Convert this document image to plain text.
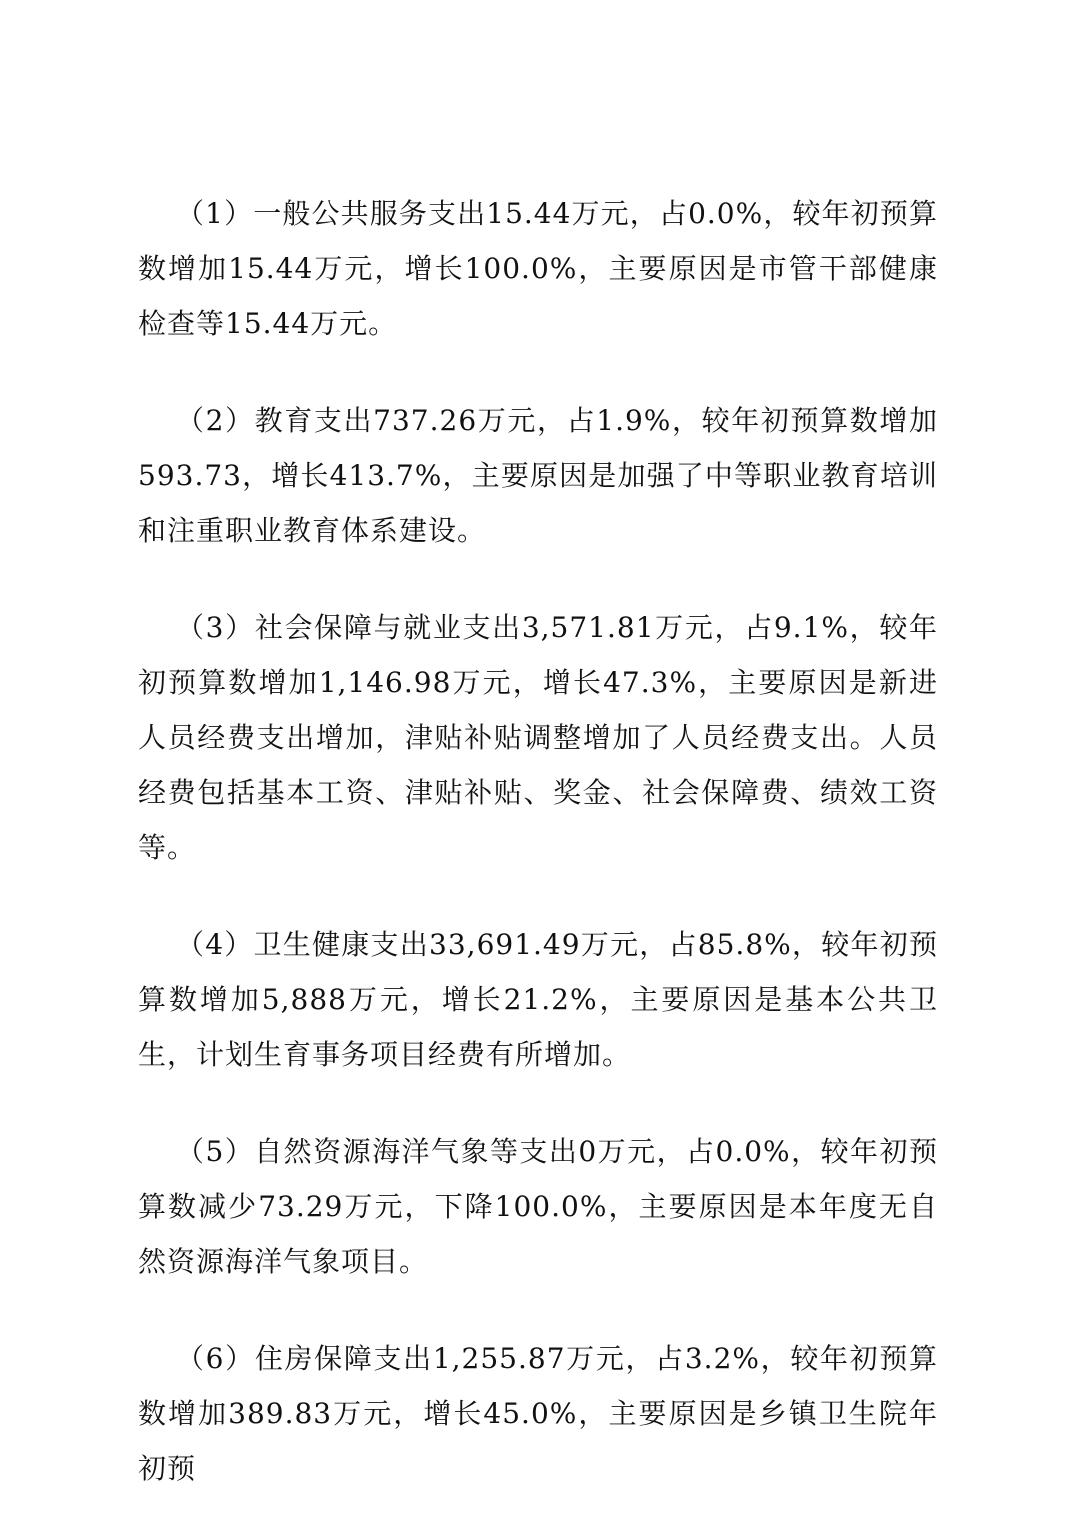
（1）一般公共服务支出15.44万元，占0.0%，较年初预算数增加15.44万元，增长100.0%，主要原因是市管干部健康检查等15.44万元。

（2）教育支出737.26万元，占1.9%，较年初预算数增加593.73，增长413.7%，主要原因是加强了中等职业教育培训和注重职业教育体系建设。

（3）社会保障与就业支出3,571.81万元，占9.1%，较年初预算数增加1,146.98万元，增长47.3%，主要原因是新进人员经费支出增加，津贴补贴调整增加了人员经费支出。人员经费包括基本工资、津贴补贴、奖金、社会保障费、绩效工资等。

（4）卫生健康支出33,691.49万元，占85.8%，较年初预算数增加5,888万元，增长21.2%，主要原因是基本公共卫生，计划生育事务项目经费有所增加。

（5）自然资源海洋气象等支出0万元，占0.0%，较年初预算数减少73.29万元，下降100.0%，主要原因是本年度无自然资源海洋气象项目。

（6）住房保障支出1,255.87万元，占3.2%，较年初预算数增加389.83万元，增长45.0%，主要原因是乡镇卫生院年初预
